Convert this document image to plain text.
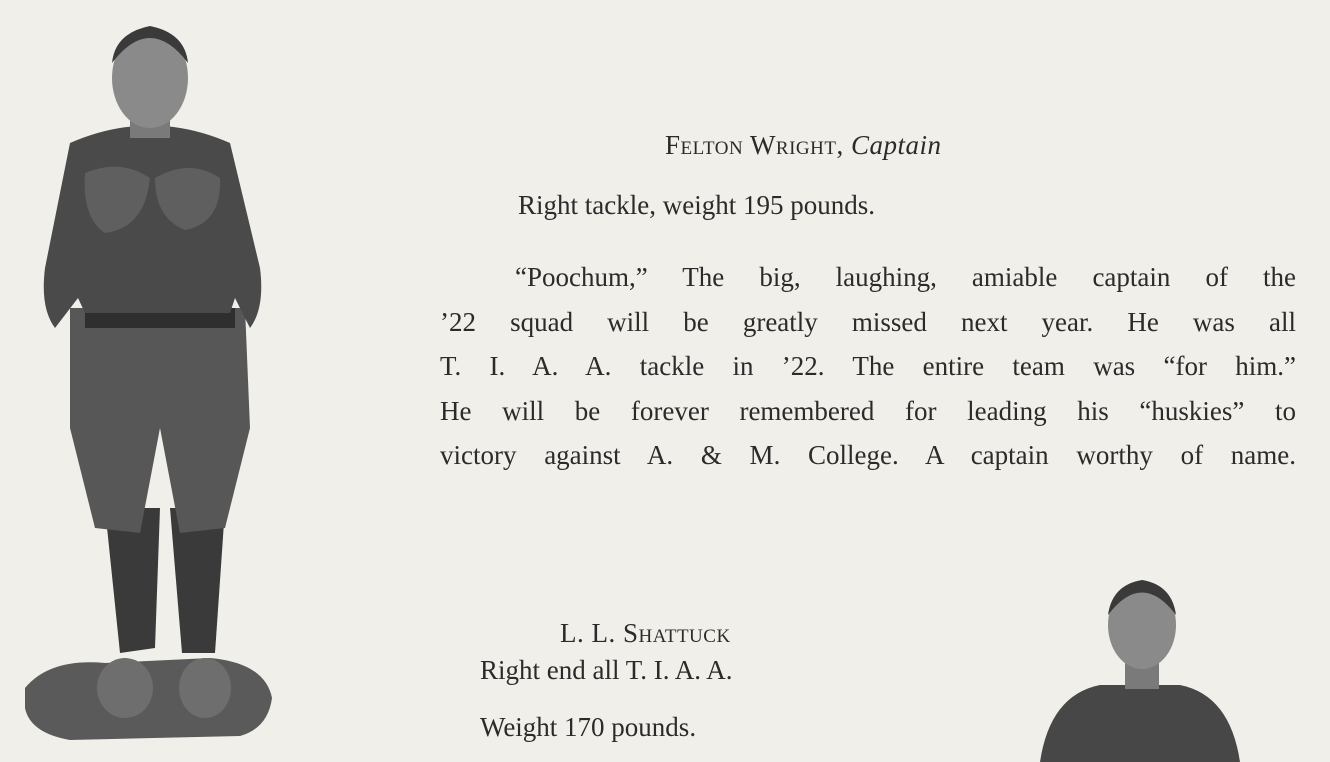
Felton Wright, Captain
Right tackle, weight 195 pounds.
“Poochum,” The big, laughing, amiable captain of the
’22 squad will be greatly missed next year. He was all
T. I. A. A. tackle in ’22. The entire team was “for him.”
He will be forever remembered for leading his “huskies” to
victory against A. & M. College. A captain worthy of name.
L. L. Shattuck
Right end all T. I. A. A.
Weight 170 pounds.
